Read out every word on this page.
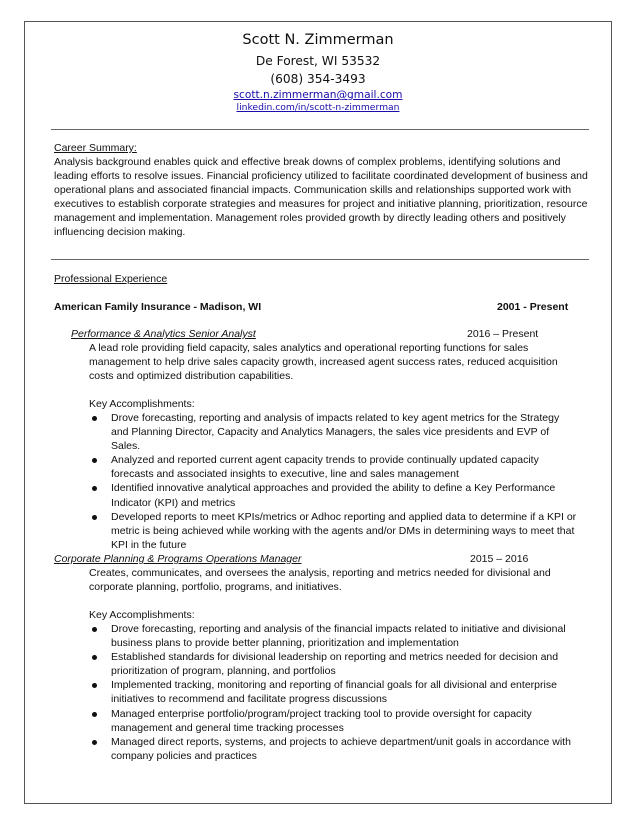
Scott N. Zimmerman
De Forest, WI 53532
(608) 354-3493
scott.n.zimmerman@gmail.com
linkedin.com/in/scott-n-zimmerman
Career Summary:

Analysis background enables quick and effective break downs of complex problems, identifying solutions and leading efforts to resolve issues. Financial proficiency utilized to facilitate coordinated development of business and operational plans and associated financial impacts. Communication skills and relationships supported work with executives to establish corporate strategies and measures for project and initiative planning, prioritization, resource management and implementation. Management roles provided growth by directly leading others and positively influencing decision making.

Professional Experience
American Family Insurance - Madison, WI	2001 - Present
Performance & Analytics Senior Analyst	2016 – Present

A lead role providing field capacity, sales analytics and operational reporting functions for sales management to help drive sales capacity growth, increased agent success rates, reduced acquisition costs and optimized distribution capabilities.

Key Accomplishments:
Drove forecasting, reporting and analysis of impacts related to key agent metrics for the Strategy and Planning Director, Capacity and Analytics Managers, the sales vice presidents and EVP of Sales.
Analyzed and reported current agent capacity trends to provide continually updated capacity forecasts and associated insights to executive, line and sales management
Identified innovative analytical approaches and provided the ability to define a Key Performance Indicator (KPI) and metrics
Developed reports to meet KPIs/metrics or Adhoc reporting and applied data to determine if a KPI or metric is being achieved while working with the agents and/or DMs in determining ways to meet that KPI in the future
Corporate Planning & Programs Operations Manager	2015 – 2016

Creates, communicates, and oversees the analysis, reporting and metrics needed for divisional and corporate planning, portfolio, programs, and initiatives.

Key Accomplishments:
Drove forecasting, reporting and analysis of the financial impacts related to initiative and divisional business plans to provide better planning, prioritization and implementation
Established standards for divisional leadership on reporting and metrics needed for decision and prioritization of program, planning, and portfolios
Implemented tracking, monitoring and reporting of financial goals for all divisional and enterprise initiatives to recommend and facilitate progress discussions
Managed enterprise portfolio/program/project tracking tool to provide oversight for capacity management and general time tracking processes
Managed direct reports, systems, and projects to achieve department/unit goals in accordance with company policies and practices
